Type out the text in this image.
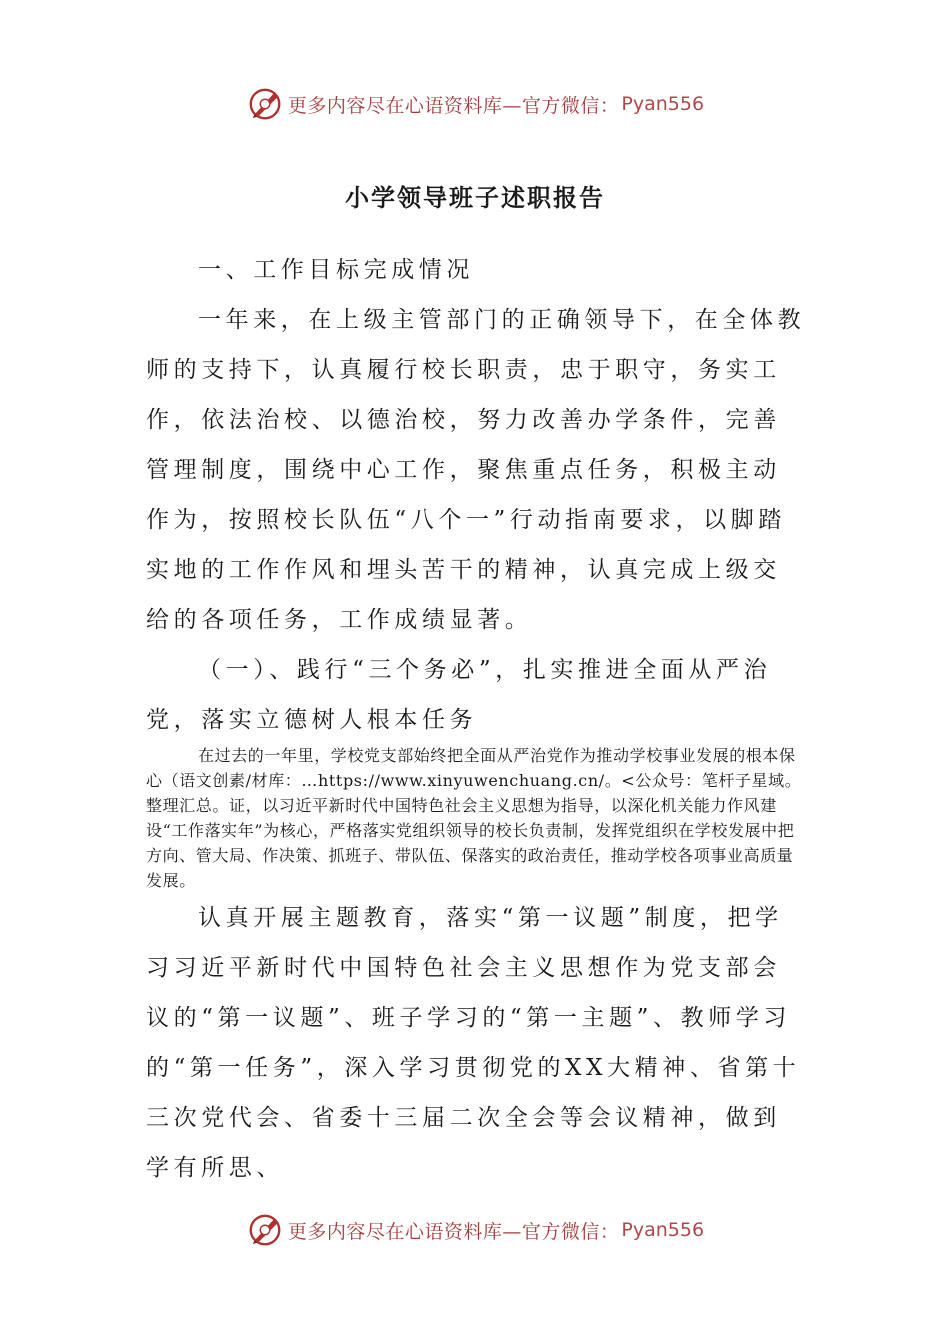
更多内容尽在心语资料库—官方微信： Pyan556
小学领导班子述职报告

一、工作目标完成情况

一年来，在上级主管部门的正确领导下，在全体教师的支持下，认真履行校长职责，忠于职守，务实工作，依法治校、以德治校，努力改善办学条件，完善管理制度，围绕中心工作，聚焦重点任务，积极主动作为，按照校长队伍“八个一”行动指南要求，以脚踏实地的工作作风和埋头苦干的精神，认真完成上级交给的各项任务，工作成绩显著。

（一）、践行“三个务必”，扎实推进全面从严治党，落实立德树人根本任务

在过去的一年里，学校党支部始终把全面从严治党作为推动学校事业发展的根本保心（语文创素/材库：…https://www.xinyuwenchuang.cn/。<公众号：笔杆子星域。整理汇总。证，以习近平新时代中国特色社会主义思想为指导，以深化机关能力作风建设“工作落实年”为核心，严格落实党组织领导的校长负责制，发挥党组织在学校发展中把方向、管大局、作决策、抓班子、带队伍、保落实的政治责任，推动学校各项事业高质量发展。

认真开展主题教育，落实“第一议题”制度，把学习习近平新时代中国特色社会主义思想作为党支部会议的“第一议题”、班子学习的“第一主题”、教师学习的“第一任务”，深入学习贯彻党的XX大精神、省第十三次党代会、省委十三届二次全会等会议精神，做到学有所思、

更多内容尽在心语资料库—官方微信： Pyan556
